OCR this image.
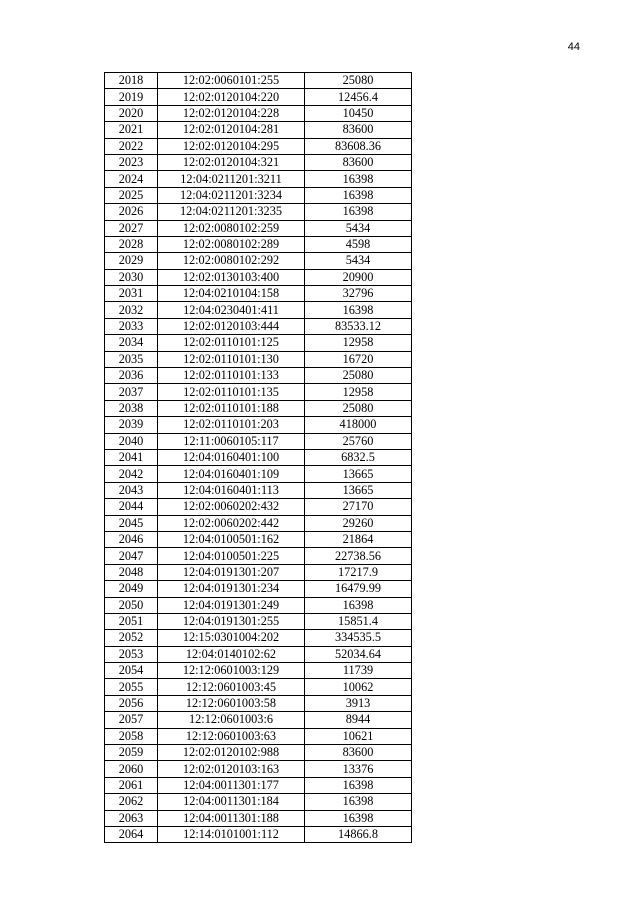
44
2018	12:02:0060101:255	25080
2019	12:02:0120104:220	12456.4
2020	12:02:0120104:228	10450
2021	12:02:0120104:281	83600
2022	12:02:0120104:295	83608.36
2023	12:02:0120104:321	83600
2024	12:04:0211201:3211	16398
2025	12:04:0211201:3234	16398
2026	12:04:0211201:3235	16398
2027	12:02:0080102:259	5434
2028	12:02:0080102:289	4598
2029	12:02:0080102:292	5434
2030	12:02:0130103:400	20900
2031	12:04:0210104:158	32796
2032	12:04:0230401:411	16398
2033	12:02:0120103:444	83533.12
2034	12:02:0110101:125	12958
2035	12:02:0110101:130	16720
2036	12:02:0110101:133	25080
2037	12:02:0110101:135	12958
2038	12:02:0110101:188	25080
2039	12:02:0110101:203	418000
2040	12:11:0060105:117	25760
2041	12:04:0160401:100	6832.5
2042	12:04:0160401:109	13665
2043	12:04:0160401:113	13665
2044	12:02:0060202:432	27170
2045	12:02:0060202:442	29260
2046	12:04:0100501:162	21864
2047	12:04:0100501:225	22738.56
2048	12:04:0191301:207	17217.9
2049	12:04:0191301:234	16479.99
2050	12:04:0191301:249	16398
2051	12:04:0191301:255	15851.4
2052	12:15:0301004:202	334535.5
2053	12:04:0140102:62	52034.64
2054	12:12:0601003:129	11739
2055	12:12:0601003:45	10062
2056	12:12:0601003:58	3913
2057	12:12:0601003:6	8944
2058	12:12:0601003:63	10621
2059	12:02:0120102:988	83600
2060	12:02:0120103:163	13376
2061	12:04:0011301:177	16398
2062	12:04:0011301:184	16398
2063	12:04:0011301:188	16398
2064	12:14:0101001:112	14866.8
